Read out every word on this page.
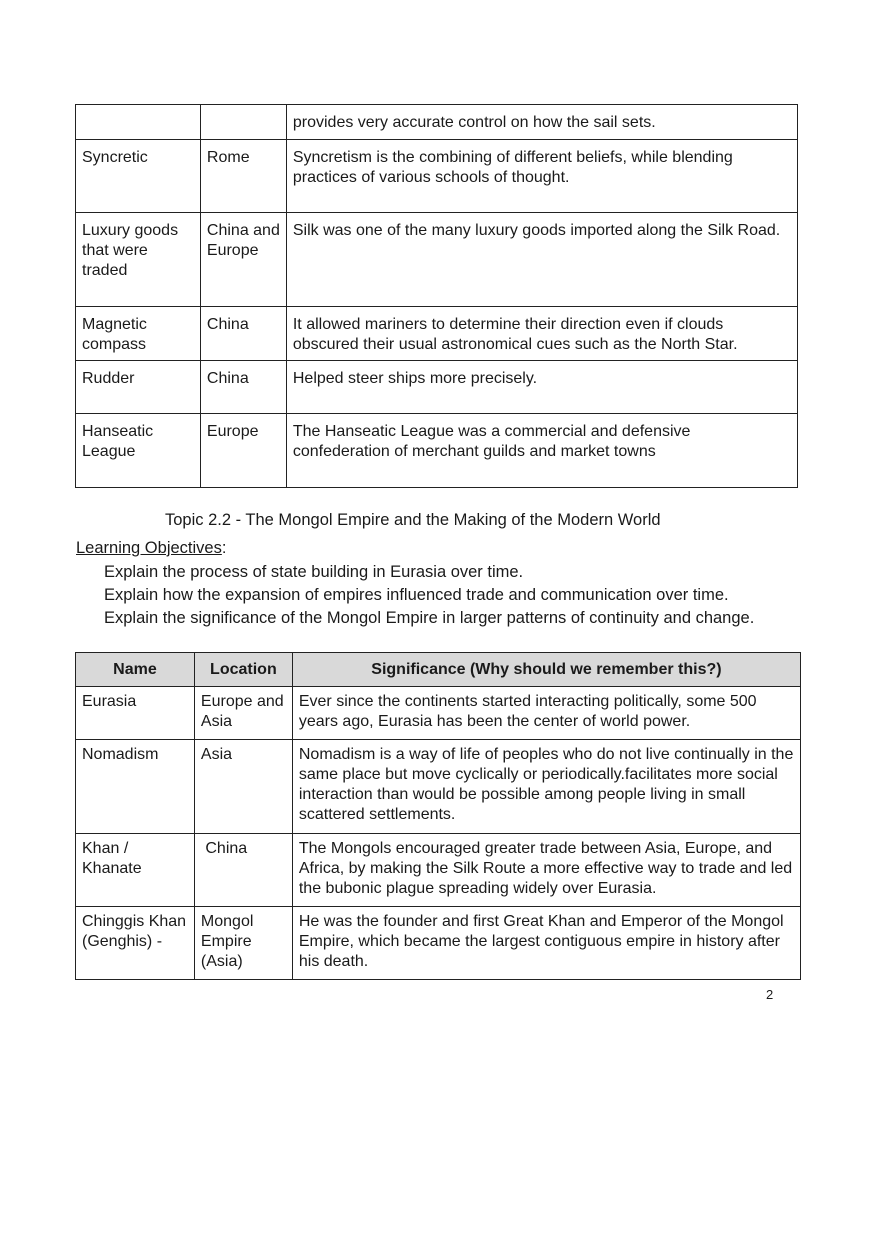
		provides very accurate control on how the sail sets.
Syncretic	Rome	Syncretism is the combining of different beliefs, while blending practices of various schools of thought.
Luxury goods that were traded	China and Europe	Silk was one of the many luxury goods imported along the Silk Road.
Magnetic compass	China	It allowed mariners to determine their direction even if clouds obscured their usual astronomical cues such as the North Star.
Rudder	China	Helped steer ships more precisely.
Hanseatic League	Europe	The Hanseatic League was a commercial and defensive confederation of merchant guilds and market towns
Topic 2.2 - The Mongol Empire and the Making of the Modern World
Learning Objectives:
Explain the process of state building in Eurasia over time.
Explain how the expansion of empires influenced trade and communication over time.
Explain the significance of the Mongol Empire in larger patterns of continuity and change.
Name	Location	Significance (Why should we remember this?)
Eurasia	Europe and Asia	Ever since the continents started interacting politically, some 500 years ago, Eurasia has been the center of world power.
Nomadism	Asia	Nomadism is a way of life of peoples who do not live continually in the same place but move cyclically or periodically.facilitates more social interaction than would be possible among people living in small scattered settlements.
Khan / Khanate	China	The Mongols encouraged greater trade between Asia, Europe, and Africa, by making the Silk Route a more effective way to trade and led the bubonic plague spreading widely over Eurasia.
Chinggis Khan (Genghis) -	Mongol Empire (Asia)	He was the founder and first Great Khan and Emperor of the Mongol Empire, which became the largest contiguous empire in history after his death.
2
